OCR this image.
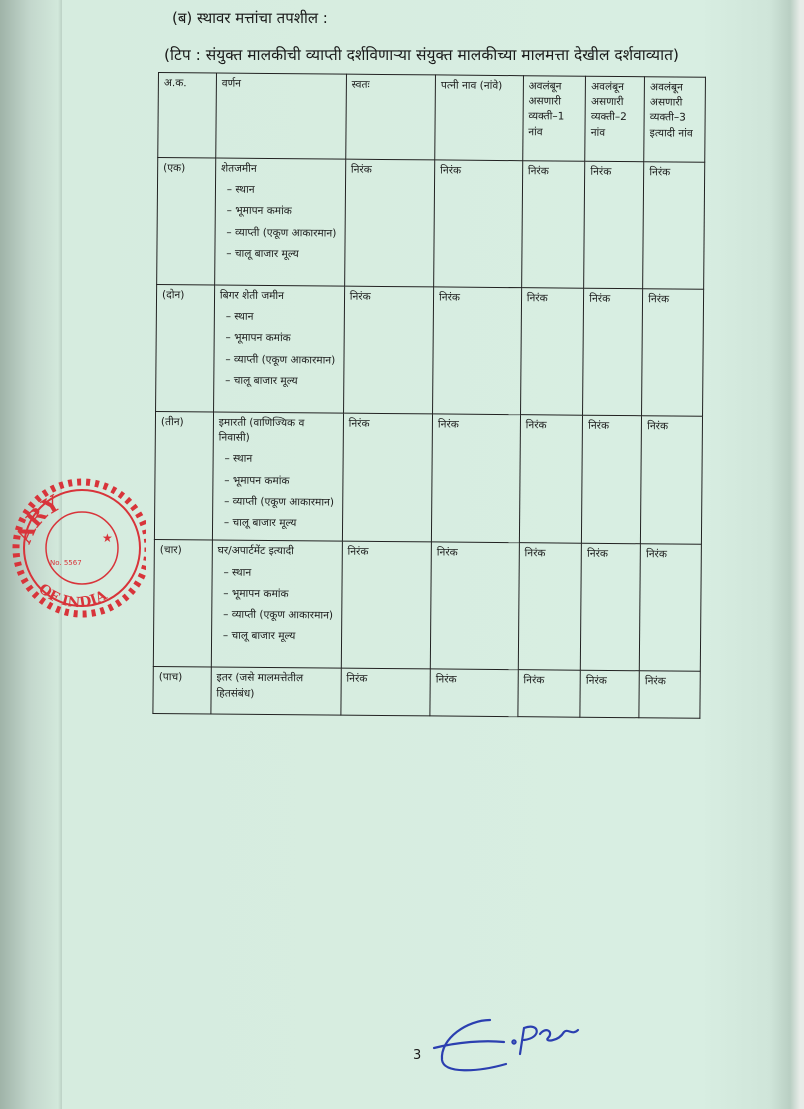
(ब) स्थावर मत्तांचा तपशील :
(टिप : संयुक्त मालकीची व्याप्ती दर्शविणाऱ्या संयुक्त मालकीच्या मालमत्ता देखील दर्शवाव्यात)
अ.क.	वर्णन	स्वतः	पत्नी नाव (नांवे)	अवलंबून असणारी व्यक्ती–1 नांव	अवलंबून असणारी व्यक्ती–2 नांव	अवलंबून असणारी व्यक्ती–3 इत्यादी नांव
(एक)	शेतजमीन
– स्थान
– भूमापन कमांक
– व्याप्ती (एकूण आकारमान)
– चालू बाजार मूल्य	निरंक	निरंक	निरंक	निरंक	निरंक
(दोन)	बिगर शेती जमीन
– स्थान
– भूमापन कमांक
– व्याप्ती (एकूण आकारमान)
– चालू बाजार मूल्य	निरंक	निरंक	निरंक	निरंक	निरंक
(तीन)	इमारती (वाणिज्यिक व निवासी)
– स्थान
– भूमापन कमांक
– व्याप्ती (एकूण आकारमान)
– चालू बाजार मूल्य	निरंक	निरंक	निरंक	निरंक	निरंक
(चार)	घर/अपार्टमेंट इत्यादी
– स्थान
– भूमापन कमांक
– व्याप्ती (एकूण आकारमान)
– चालू बाजार मूल्य	निरंक	निरंक	निरंक	निरंक	निरंक
(पाच)	इतर (जसे मालमत्तेतील हितसंबंध)	निरंक	निरंक	निरंक	निरंक	निरंक
ARY
OF INDIA
No. 5567
★
3
